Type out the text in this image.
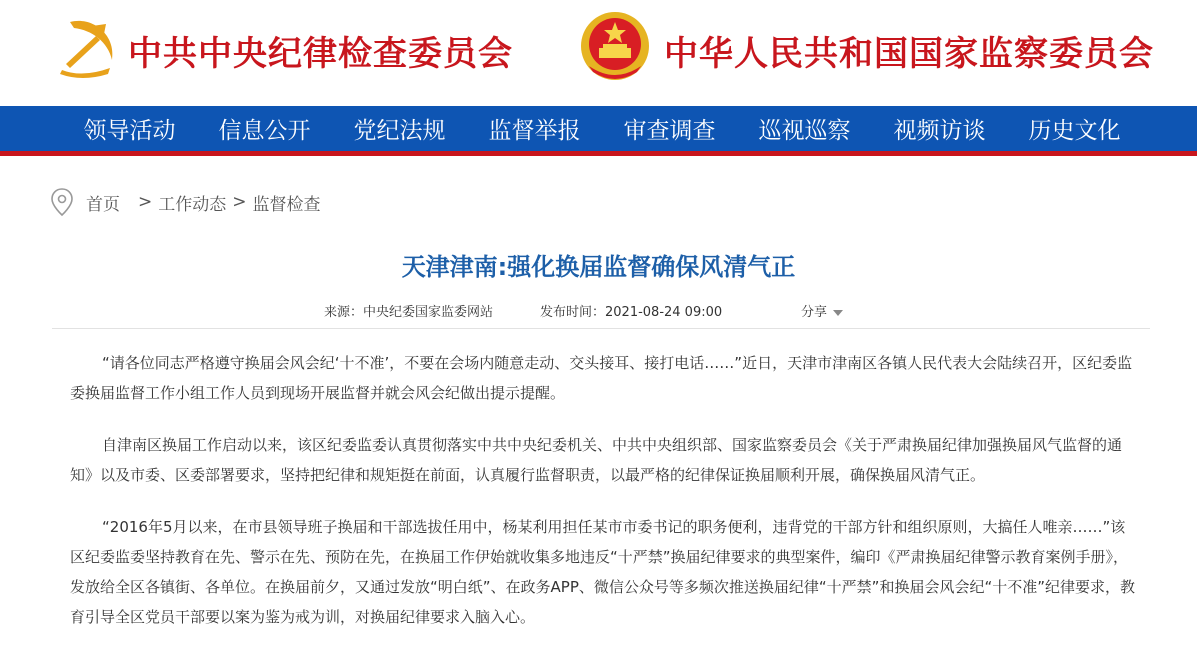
中共中央纪律检查委员会	中华人民共和国国家监察委员会
领导活动	信息公开	党纪法规	监督举报	审查调查	巡视巡察	视频访谈	历史文化
首页 > 工作动态 > 监督检查
天津津南:强化换届监督确保风清气正
来源：中央纪委国家监委网站	发布时间：2021-08-24 09:00	分享

“请各位同志严格遵守换届会风会纪‘十不准’，不要在会场内随意走动、交头接耳、接打电话……”近日，天津市津南区各镇人民代表大会陆续召开，区纪委监委换届监督工作小组工作人员到现场开展监督并就会风会纪做出提示提醒。

自津南区换届工作启动以来，该区纪委监委认真贯彻落实中共中央纪委机关、中共中央组织部、国家监察委员会《关于严肃换届纪律加强换届风气监督的通知》以及市委、区委部署要求，坚持把纪律和规矩挺在前面，认真履行监督职责，以最严格的纪律保证换届顺利开展，确保换届风清气正。

“2016年5月以来，在市县领导班子换届和干部选拔任用中，杨某利用担任某市市委书记的职务便利，违背党的干部方针和组织原则，大搞任人唯亲……”该区纪委监委坚持教育在先、警示在先、预防在先，在换届工作伊始就收集多地违反“十严禁”换届纪律要求的典型案件，编印《严肃换届纪律警示教育案例手册》，发放给全区各镇街、各单位。在换届前夕，又通过发放“明白纸”、在政务APP、微信公众号等多频次推送换届纪律“十严禁”和换届会风会纪“十不准”纪律要求，教育引导全区党员干部要以案为鉴为戒为训，对换届纪律要求入脑入心。
